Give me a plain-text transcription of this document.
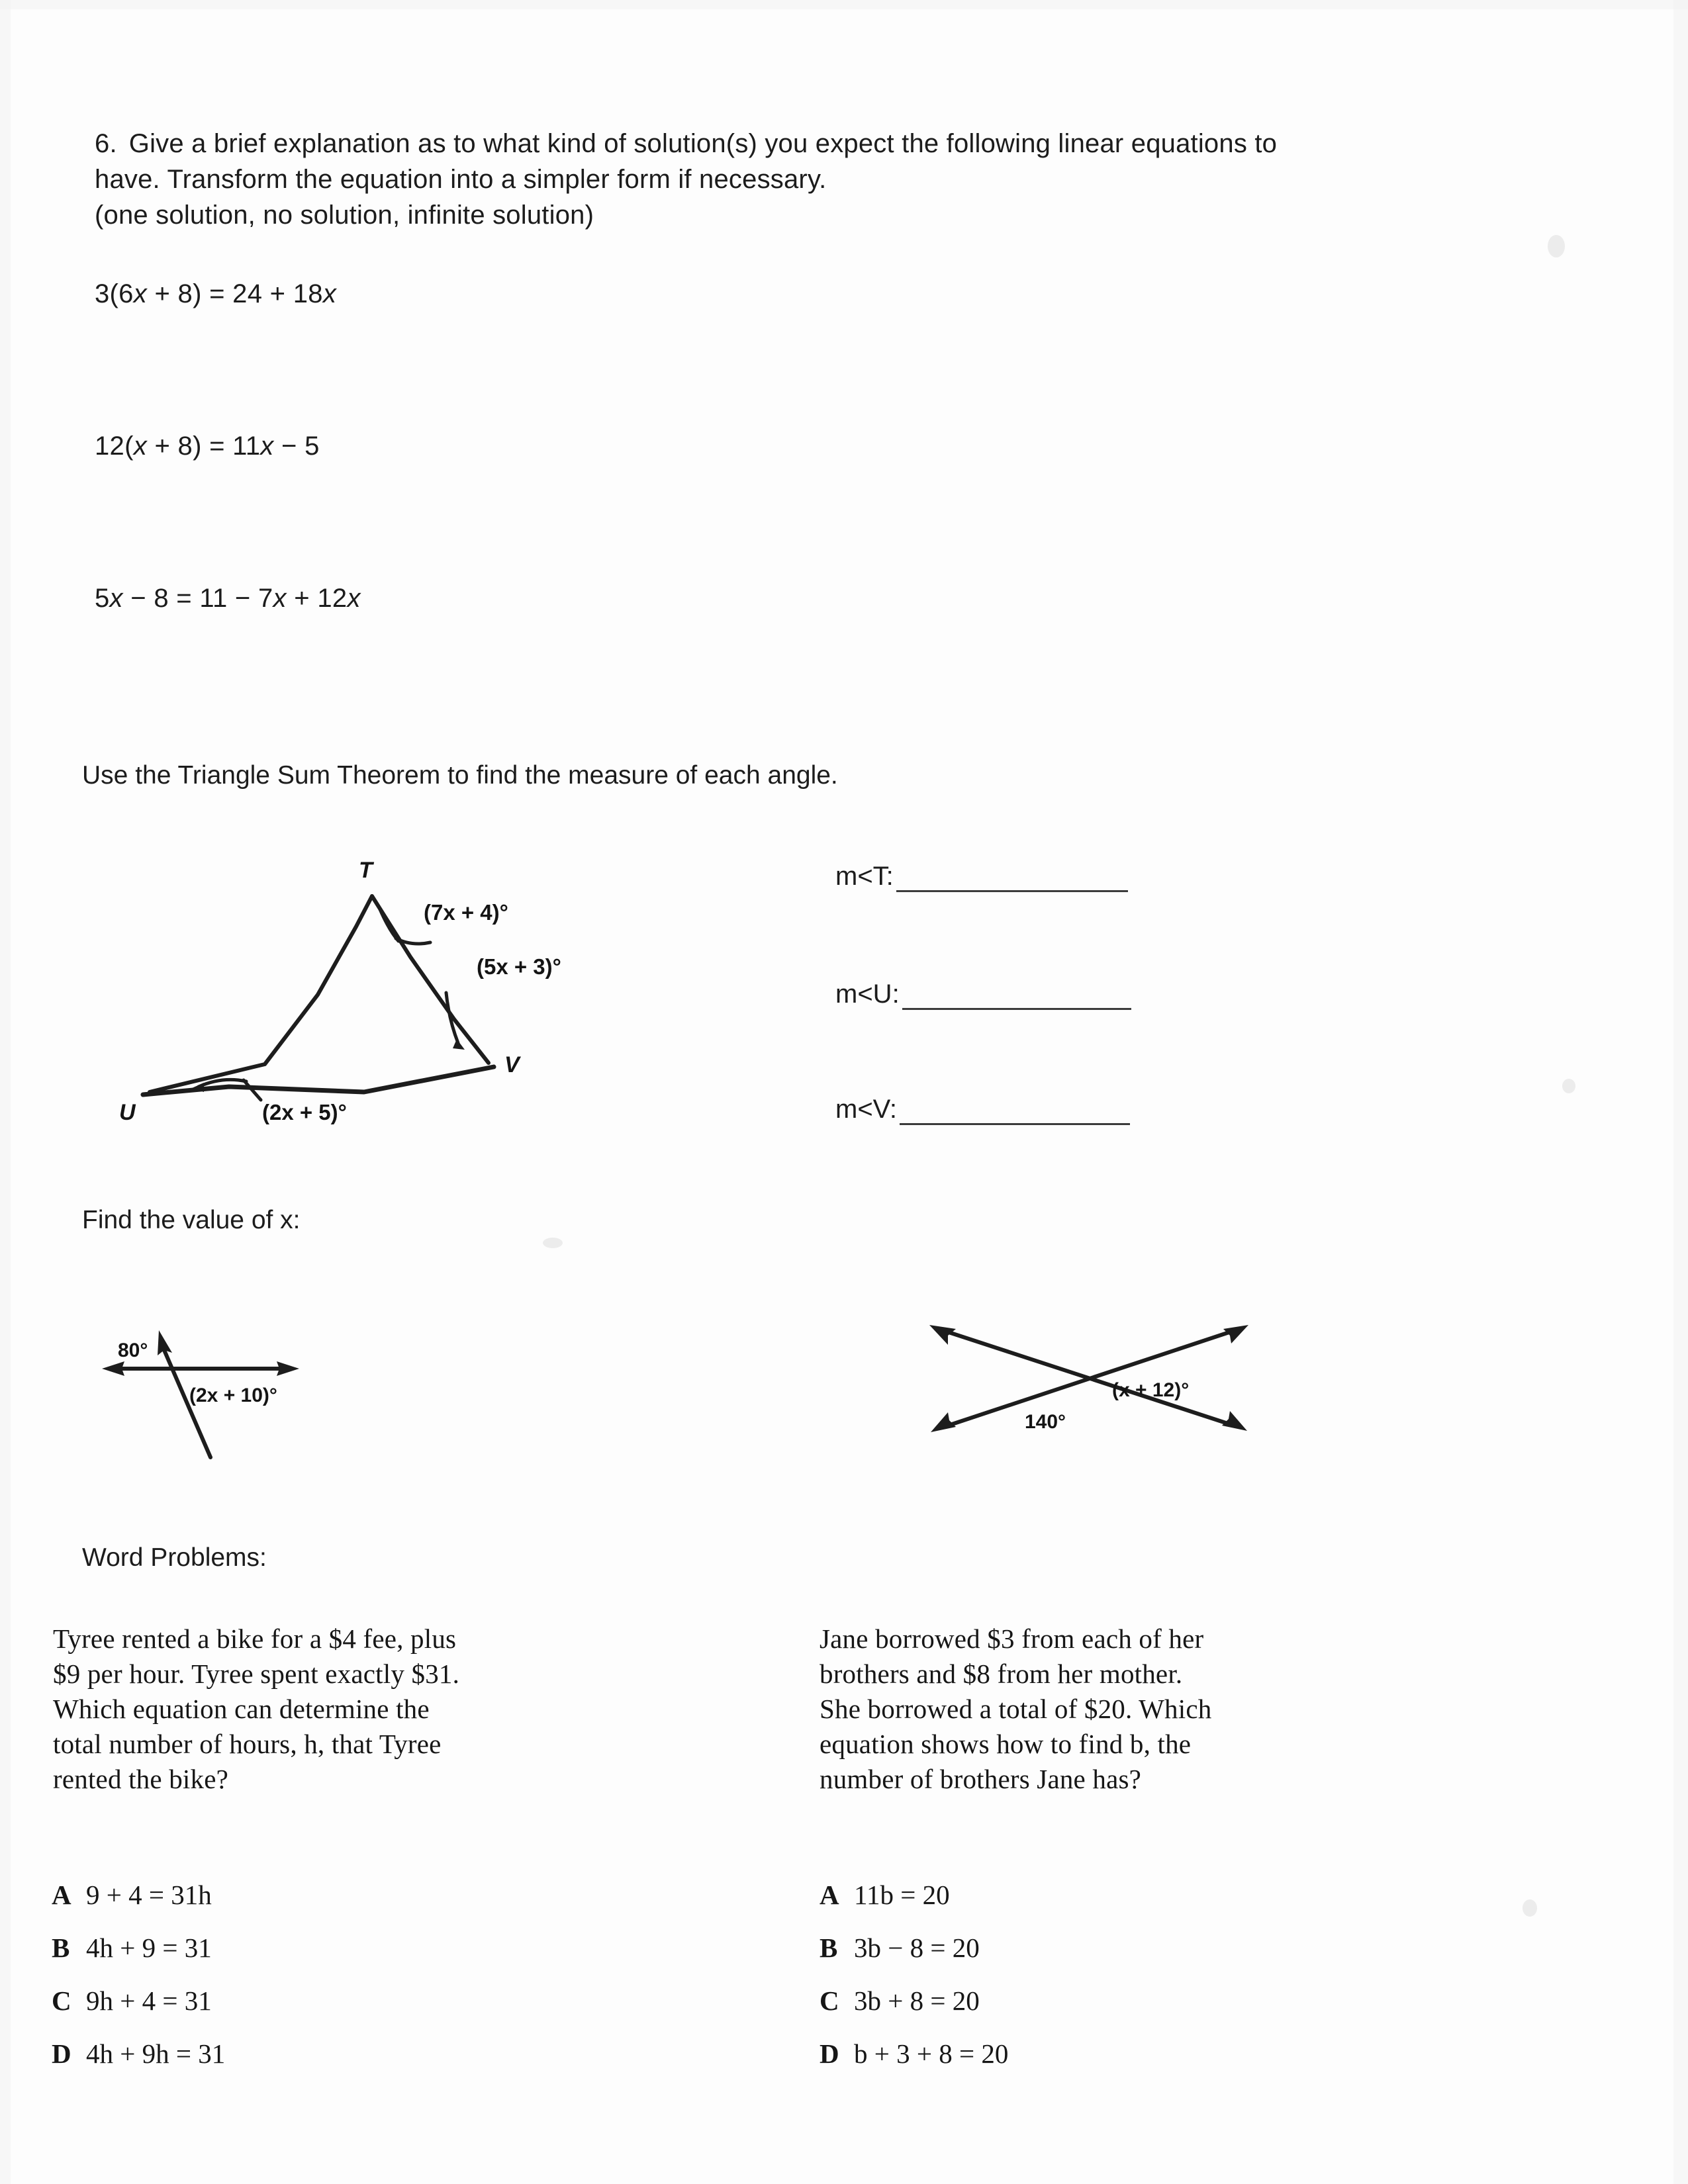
6. Give a brief explanation as to what kind of solution(s) you expect the following linear equations to
have. Transform the equation into a simpler form if necessary.
(one solution, no solution, infinite solution)
3(6x + 8) = 24 + 18x
12(x + 8) = 11x − 5
5x − 8 = 11 − 7x + 12x
Use the Triangle Sum Theorem to find the measure of each angle.
T
V
U
(7x + 4)°
(5x + 3)°
(2x + 5)°
m<T:
m<U:
m<V:
Find the value of x:
80°
(2x + 10)°	(x + 12)°
140°
Word Problems:
Tyree rented a bike for a $4 fee, plus
$9 per hour. Tyree spent exactly $31.
Which equation can determine the
total number of hours, h, that Tyree
rented the bike?
A 9 + 4 = 31h
B 4h + 9 = 31
C 9h + 4 = 31
D 4h + 9h = 31
Jane borrowed $3 from each of her
brothers and $8 from her mother.
She borrowed a total of $20. Which
equation shows how to find b, the
number of brothers Jane has?
A 11b = 20
B 3b − 8 = 20
C 3b + 8 = 20
D b + 3 + 8 = 20
